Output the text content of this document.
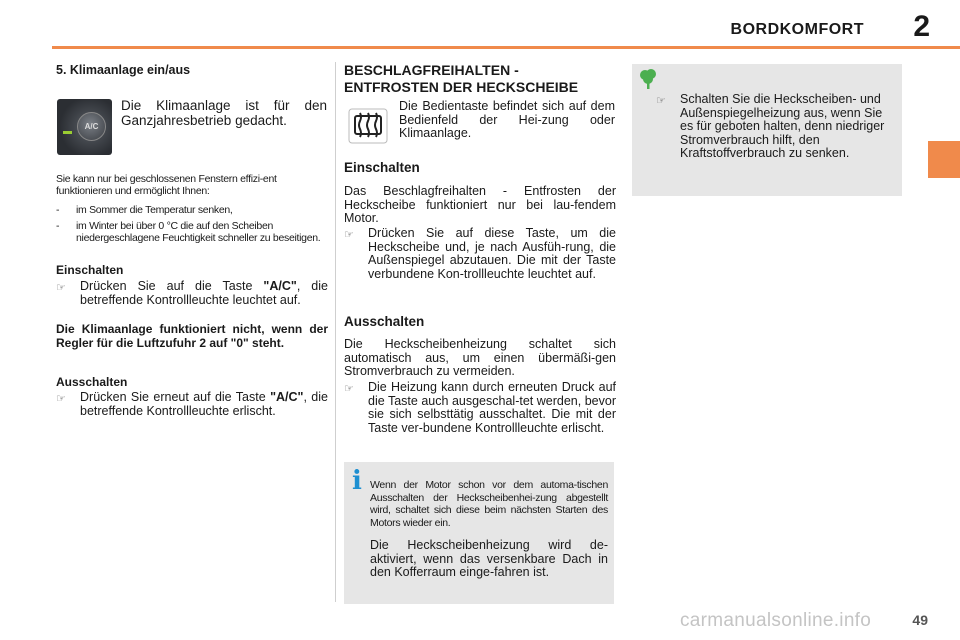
BORDKOMFORT 2
5. Klimaanlage ein/aus
A/C
Die Klimaanlage ist für den Ganzjahresbetrieb gedacht.
Sie kann nur bei geschlossenen Fenstern effizi-ent funktionieren und ermöglicht Ihnen:
-	im Sommer die Temperatur senken,
-	im Winter bei über 0 °C die auf den Scheiben niedergeschlagene Feuchtigkeit schneller zu beseitigen.
Einschalten
☞	Drücken Sie auf die Taste "A/C", die betreffende Kontrollleuchte leuchtet auf.
Die Klimaanlage funktioniert nicht, wenn der Regler für die Luftzufuhr 2 auf "0" steht.
Ausschalten
☞	Drücken Sie erneut auf die Taste "A/C", die betreffende Kontrollleuchte erlischt.
BESCHLAGFREIHALTEN -
ENTFROSTEN DER HECKSCHEIBE
Die Bedientaste befindet sich auf dem Bedienfeld der Hei-zung oder Klimaanlage.
Einschalten
Das Beschlagfreihalten - Entfrosten der Heckscheibe funktioniert nur bei lau-fendem Motor.
☞	Drücken Sie auf diese Taste, um die Heckscheibe und, je nach Ausfüh-rung, die Außenspiegel abzutauen. Die mit der Taste verbundene Kon-trollleuchte leuchtet auf.
Ausschalten
Die Heckscheibenheizung schaltet sich automatisch aus, um einen übermäßi-gen Stromverbrauch zu vermeiden.
☞	Die Heizung kann durch erneuten Druck auf die Taste auch ausgeschal-tet werden, bevor sie sich selbsttätig ausschaltet. Die mit der Taste ver-bundene Kontrollleuchte erlischt.
i Wenn der Motor schon vor dem automa-tischen Ausschalten der Heckscheibenhei-zung abgestellt wird, schaltet sich diese beim nächsten Starten des Motors wieder ein.
Die Heckscheibenheizung wird de-aktiviert, wenn das versenkbare Dach in den Kofferraum einge-fahren ist.
☞	Schalten Sie die Heckscheiben- und Außenspiegelheizung aus, wenn Sie es für geboten halten, denn niedriger Stromverbrauch hilft, den Kraftstoffverbrauch zu senken.
49
carmanualsonline.info
